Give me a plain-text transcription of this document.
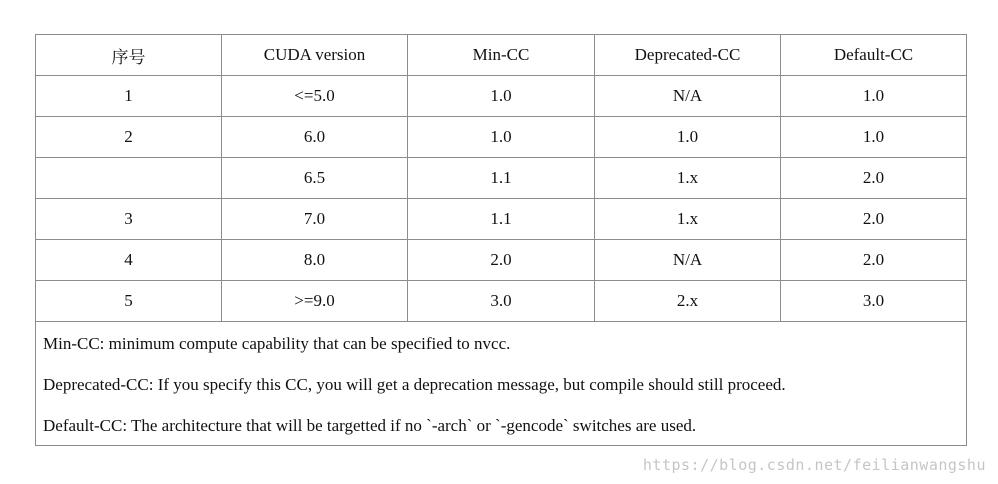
序号	CUDA version	Min-CC	Deprecated-CC	Default-CC
1	<=5.0	1.0	N/A	1.0
2	6.0	1.0	1.0	1.0
	6.5	1.1	1.x	2.0
3	7.0	1.1	1.x	2.0
4	8.0	2.0	N/A	2.0
5	>=9.0	3.0	2.x	3.0

Min-CC: minimum compute capability that can be specified to nvcc.
Deprecated-CC: If you specify this CC, you will get a deprecation message, but compile should still proceed.
Default-CC: The architecture that will be targetted if no `-arch` or `-gencode` switches are used.				
https://blog.csdn.net/feilianwangshu
